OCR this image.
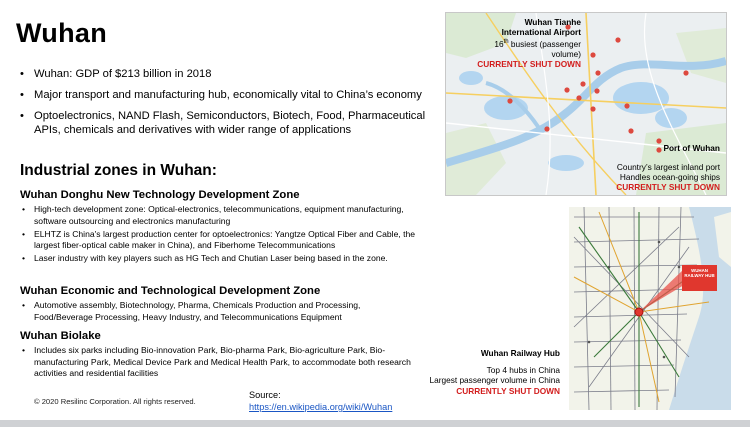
Wuhan
• Wuhan: GDP of $213 billion in 2018
• Major transport and manufacturing hub, economically vital to China’s economy
• Optoelectronics, NAND Flash, Semiconductors, Biotech, Food, Pharmaceutical APIs, chemicals and derivatives with wider range of applications
Industrial zones in Wuhan:
Wuhan Donghu New Technology Development Zone
• High-tech development zone: Optical-electronics, telecommunications, equipment manufacturing, software outsourcing and electronics manufacturing
• ELHTZ is China's largest production center for optoelectronics: Yangtze Optical Fiber and Cable, the largest fiber-optical cable maker in China), and Fiberhome Telecommunications
• Laser industry with key players such as HG Tech and Chutian Laser being based in the zone.
Wuhan Economic and Technological Development Zone
• Automotive assembly, Biotechnology, Pharma, Chemicals Production and Processing, Food/Beverage Processing, Heavy Industry, and Telecommunications Equipment
Wuhan Biolake
• Includes six parks including Bio-innovation Park, Bio-pharma Park, Bio-agriculture Park, Bio-manufacturing Park, Medical Device Park and Medical Health Park, to accommodate both research activities and residential facilities
© 2020 Resilinc Corporation. All rights reserved.
Source:
https://en.wikipedia.org/wiki/Wuhan
Wuhan Tianhe
International Airport
16th busiest (passenger
volume)
CURRENTLY SHUT DOWN
Port of Wuhan
Country’s largest inland port
Handles ocean-going ships
CURRENTLY SHUT DOWN
WUHAN RAILWAY HUB
Wuhan Railway Hub
Top 4 hubs in China
Largest passenger volume in China
CURRENTLY SHUT DOWN
